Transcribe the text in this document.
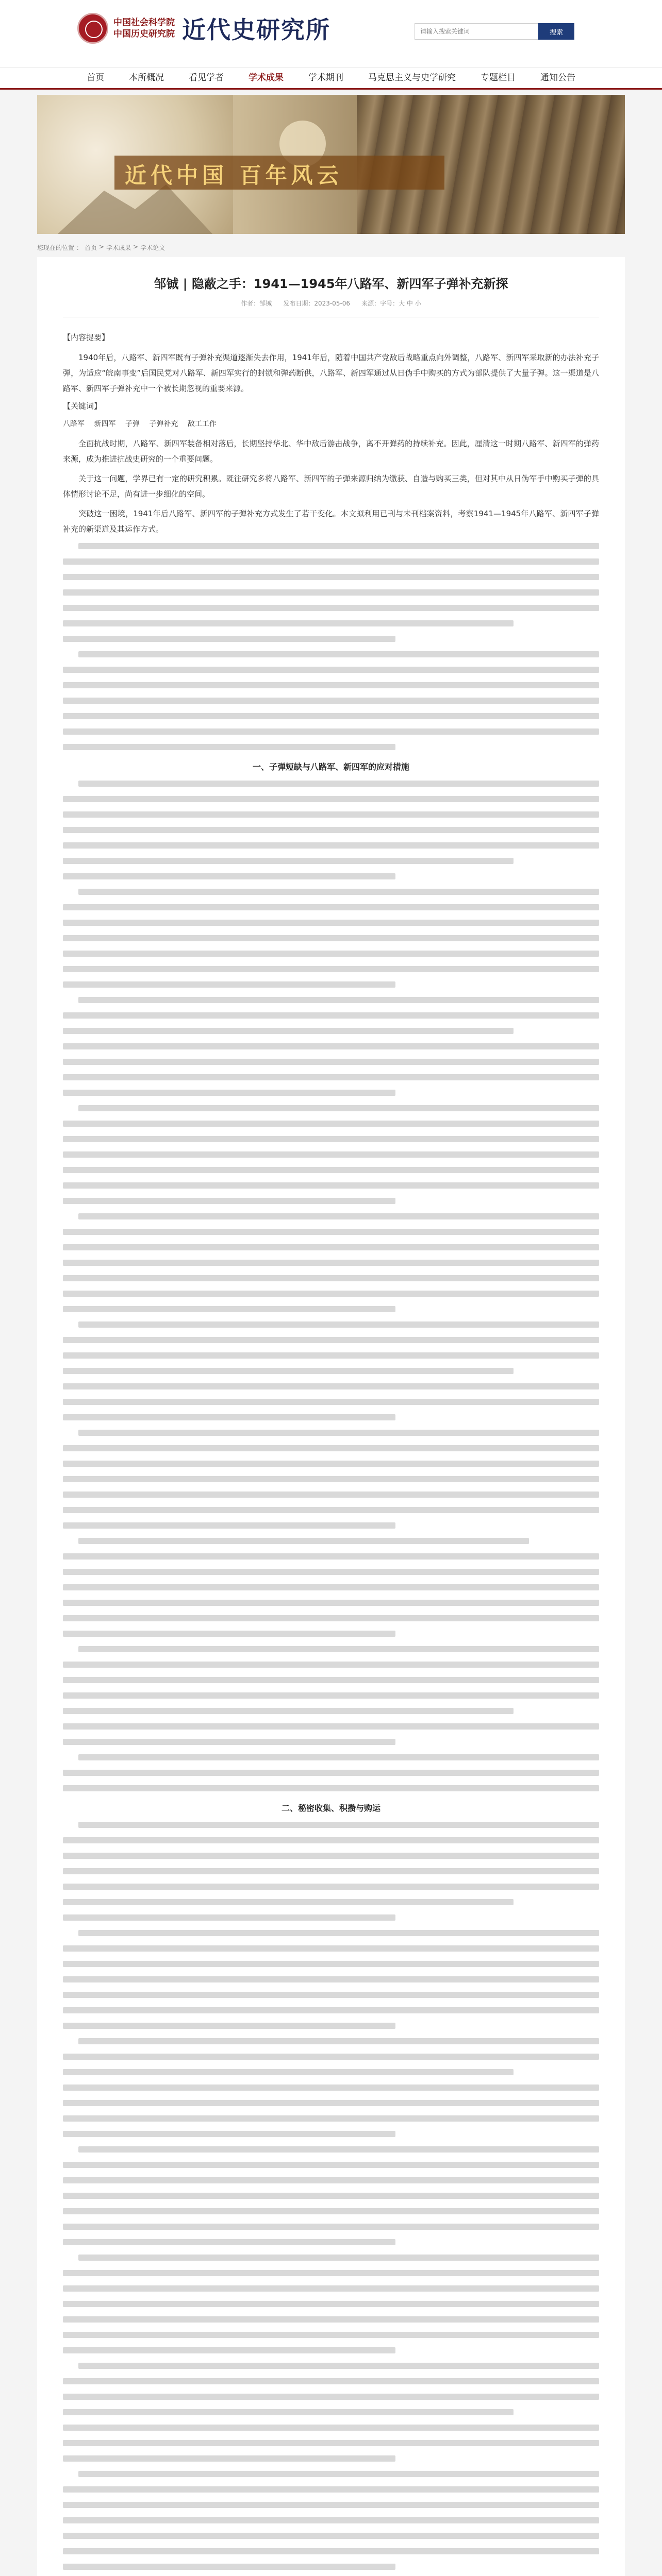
中国社会科学院
中国历史研究院 近代史研究所
请输入搜索关键词	搜索
首页	本所概况	看见学者	学术成果	学术期刊	马克思主义与史学研究	专题栏目	通知公告
近代中国 百年风云
您现在的位置 ： 首页 > 学术成果 > 学术论文
邹铖 | 隐蔽之手：1941—1945年八路军、新四军子弹补充新探
作者：邹铖 发布日期：2023-05-06 来源：字号：大 中 小
【内容提要】

1940年后，八路军、新四军既有子弹补充渠道逐渐失去作用，1941年后，随着中国共产党敌后战略重点向外调整，八路军、新四军采取新的办法补充子弹，为适应“皖南事变”后国民党对八路军、新四军实行的封锁和弹药断供，八路军、新四军通过从日伪手中购买的方式为部队提供了大量子弹。这一渠道是八路军、新四军子弹补充中一个被长期忽视的重要来源。

【关键词】
八路军 新四军 子弹 子弹补充 敌工工作

全面抗战时期，八路军、新四军装备相对落后，长期坚持华北、华中敌后游击战争，离不开弹药的持续补充。因此，厘清这一时期八路军、新四军的弹药来源，成为推进抗战史研究的一个重要问题。

关于这一问题，学界已有一定的研究积累。既往研究多将八路军、新四军的子弹来源归纳为缴获、自造与购买三类，但对其中从日伪军手中购买子弹的具体情形讨论不足，尚有进一步细化的空间。

突破这一困境，1941年后八路军、新四军的子弹补充方式发生了若干变化。本文拟利用已刊与未刊档案资料，考察1941—1945年八路军、新四军子弹补充的新渠道及其运作方式。

一、子弹短缺与八路军、新四军的应对措施
二、秘密收集、积攒与购运
